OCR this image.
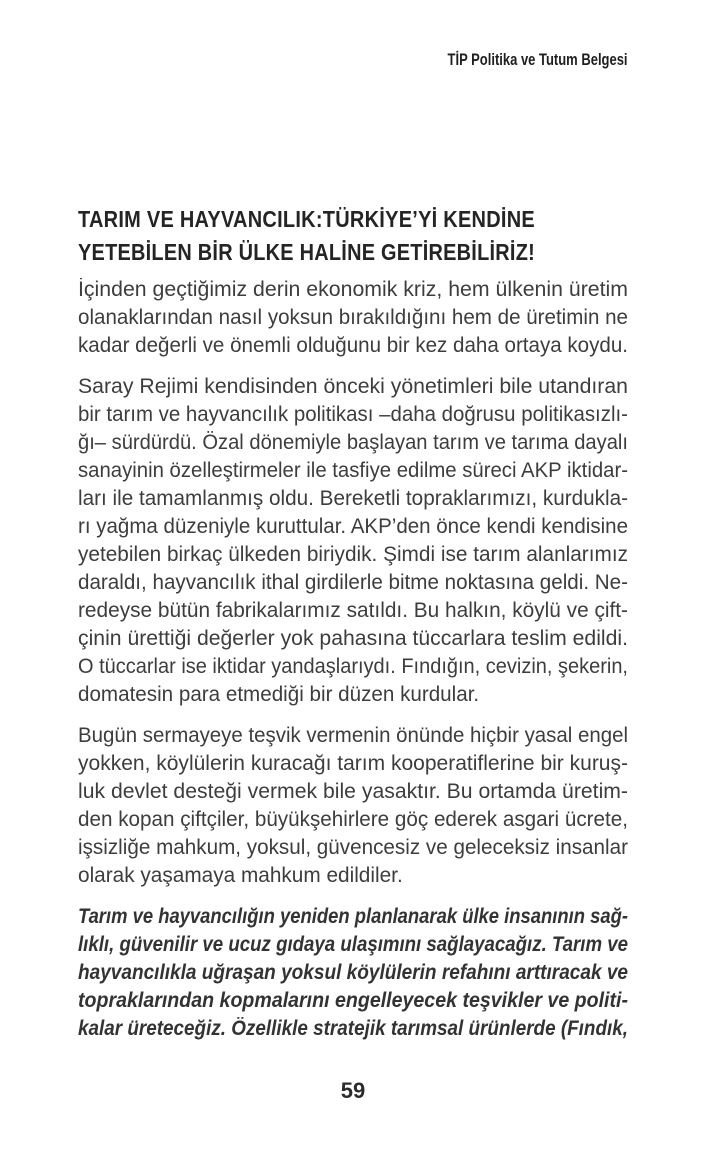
TİP Politika ve Tutum Belgesi
TARIM VE HAYVANCILIK:TÜRKİYE’Yİ KENDİNE
YETEBİLEN BİR ÜLKE HALİNE GETİREBİLİRİZ!
İçinden geçtiğimiz derin ekonomik kriz, hem ülkenin üretim
olanaklarından nasıl yoksun bırakıldığını hem de üretimin ne
kadar değerli ve önemli olduğunu bir kez daha ortaya koydu.
Saray Rejimi kendisinden önceki yönetimleri bile utandıran
bir tarım ve hayvancılık politikası –daha doğrusu politikasızlı-
ğı– sürdürdü. Özal dönemiyle başlayan tarım ve tarıma dayalı
sanayinin özelleştirmeler ile tasfiye edilme süreci AKP iktidar-
ları ile tamamlanmış oldu. Bereketli topraklarımızı, kurdukla-
rı yağma düzeniyle kuruttular. AKP’den önce kendi kendisine
yetebilen birkaç ülkeden biriydik. Şimdi ise tarım alanlarımız
daraldı, hayvancılık ithal girdilerle bitme noktasına geldi. Ne-
redeyse bütün fabrikalarımız satıldı. Bu halkın, köylü ve çift-
çinin ürettiği değerler yok pahasına tüccarlara teslim edildi.
O tüccarlar ise iktidar yandaşlarıydı. Fındığın, cevizin, şekerin,
domatesin para etmediği bir düzen kurdular.
Bugün sermayeye teşvik vermenin önünde hiçbir yasal engel
yokken, köylülerin kuracağı tarım kooperatiflerine bir kuruş-
luk devlet desteği vermek bile yasaktır. Bu ortamda üretim-
den kopan çiftçiler, büyükşehirlere göç ederek asgari ücrete,
işsizliğe mahkum, yoksul, güvencesiz ve geleceksiz insanlar
olarak yaşamaya mahkum edildiler.
Tarım ve hayvancılığın yeniden planlanarak ülke insanının sağ-
lıklı, güvenilir ve ucuz gıdaya ulaşımını sağlayacağız. Tarım ve
hayvancılıkla uğraşan yoksul köylülerin refahını arttıracak ve
topraklarından kopmalarını engelleyecek teşvikler ve politi-
kalar üreteceğiz. Özellikle stratejik tarımsal ürünlerde (Fındık,
59
